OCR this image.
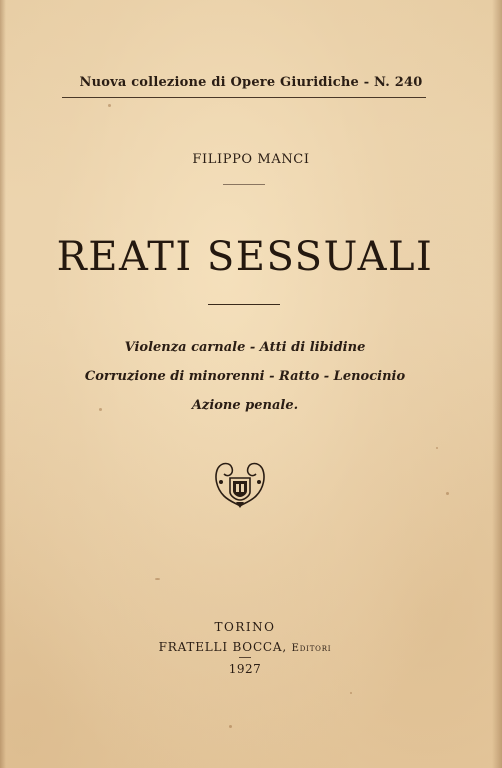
Nuova collezione di Opere Giuridiche - N. 240
FILIPPO MANCI
REATI SESSUALI
Violenza carnale - Atti di libidine
Corruzione di minorenni - Ratto - Lenocinio
Azione penale.
TORINO
FRATELLI BOCCA, Editori
1927
